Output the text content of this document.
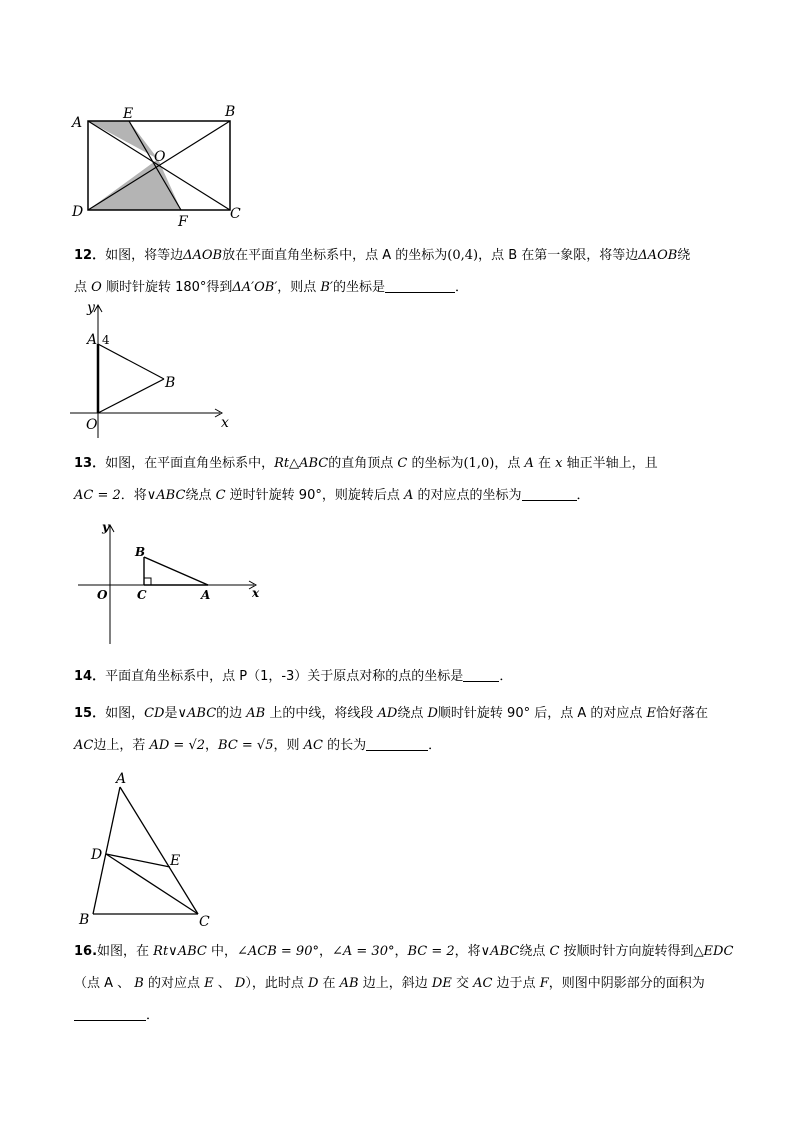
A
E	B
O
D
F	C
12．如图，将等边ΔAOB放在平面直角坐标系中，点 A 的坐标为(0,4)，点 B 在第一象限，将等边ΔAOB绕
点 O 顺时针旋转 180°得到ΔA′OB′，则点 B′的坐标是	．
y
A 4
B
O	x
13．如图，在平面直角坐标系中，Rt△ABC的直角顶点 C 的坐标为(1,0)，点 A 在 x 轴正半轴上，且
AC = 2．将∨ABC绕点 C 逆时针旋转 90°，则旋转后点 A 的对应点的坐标为	．
y
B
O C	A	x
14．平面直角坐标系中，点 P（1，-3）关于原点对称的点的坐标是	．
15．如图，CD是∨ABC的边 AB 上的中线，将线段 AD绕点 D顺时针旋转 90° 后，点 A 的对应点 E恰好落在
AC边上，若 AD = √2，BC = √5，则 AC 的长为	．
A
D	E
B	C
16.如图，在 Rt∨ABC 中，∠ACB = 90°，∠A = 30°，BC = 2，将∨ABC绕点 C 按顺时针方向旋转得到△EDC
（点 A 、 B 的对应点 E 、 D），此时点 D 在 AB 边上，斜边 DE 交 AC 边于点 F，则图中阴影部分的面积为
．
